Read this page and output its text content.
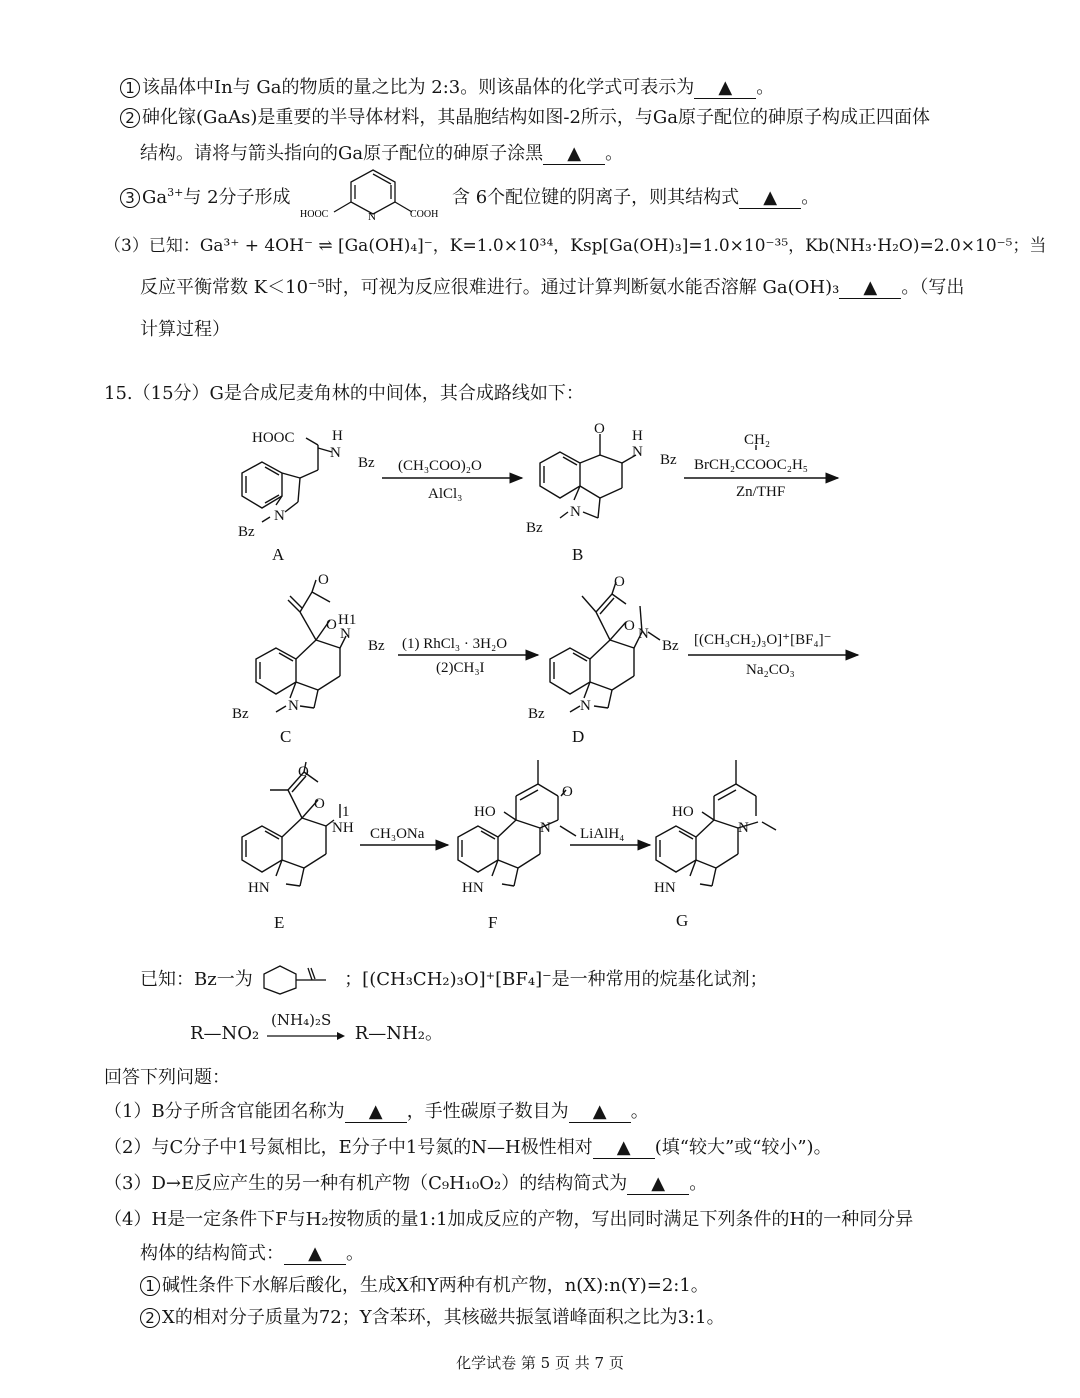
1 该晶体中In与 Ga的物质的量之比为 2:3。则该晶体的化学式可表示为 ▲ 。
2 砷化镓(GaAs)是重要的半导体材料，其晶胞结构如图-2所示，与Ga原子配位的砷原子构成正四面体
结构。请将与箭头指向的Ga原子配位的砷原子涂黑 ▲ 。
3 $Ga^{3+}$与 2分子形成
N
HOOC	COOH
含 6个配位键的阴离子，则其结构式 ▲ 。
（3）已知：Ga³⁺ + 4OH⁻ ⇌ [Ga(OH)₄]⁻，K=1.0×10³⁴，Ksp[Ga(OH)₃]=1.0×10⁻³⁵，Kb(NH₃·H₂O)=2.0×10⁻⁵；当
反应平衡常数 K＜10⁻⁵时，可视为反应很难进行。通过计算判断氨水能否溶解 Ga(OH)₃ ▲ 。（写出
计算过程）
15.（15分）G是合成尼麦角林的中间体，其合成路线如下：
HOOC H
N
Bz
N
Bz
O H
N Bz
N
Bz
O
O H1
N
Bz
N
Bz
O
O N
Bz
N
Bz
O
O 1
NH
HN
HO
O
N
HN
HO
N
HN
(CH₃COO)₂O
AlCl₃
CH₂
BrCH₂CCOOC₂H₅
Zn/THF
(1) RhCl₃ · 3H₂O
(2)CH₃I
[(CH₃CH₂)₃O]⁺[BF₄]⁻
Na₂CO₃
CH₃ONa	LiAlH₄
A	B
C	D
E	F	G
已知：Bz一为	；[(CH₃CH₂)₃O]⁺[BF₄]⁻是一种常用的烷基化试剂；
R—NO₂
(NH₄)₂S
R—NH₂。
回答下列问题：
（1）B分子所含官能团名称为 ▲ ，手性碳原子数目为 ▲ 。
（2）与C分子中1号氮相比，E分子中1号氮的N—H极性相对 ▲ (填“较大”或“较小”)。
（3）D→E反应产生的另一种有机产物（C₉H₁₀O₂）的结构简式为 ▲ 。
（4）H是一定条件下F与H₂按物质的量1:1加成反应的产物，写出同时满足下列条件的H的一种同分异
构体的结构简式： ▲ 。
1 碱性条件下水解后酸化，生成X和Y两种有机产物，n(X):n(Y)=2:1。
2 X的相对分子质量为72；Y含苯环，其核磁共振氢谱峰面积之比为3:1。
化学试卷 第 5 页 共 7 页
